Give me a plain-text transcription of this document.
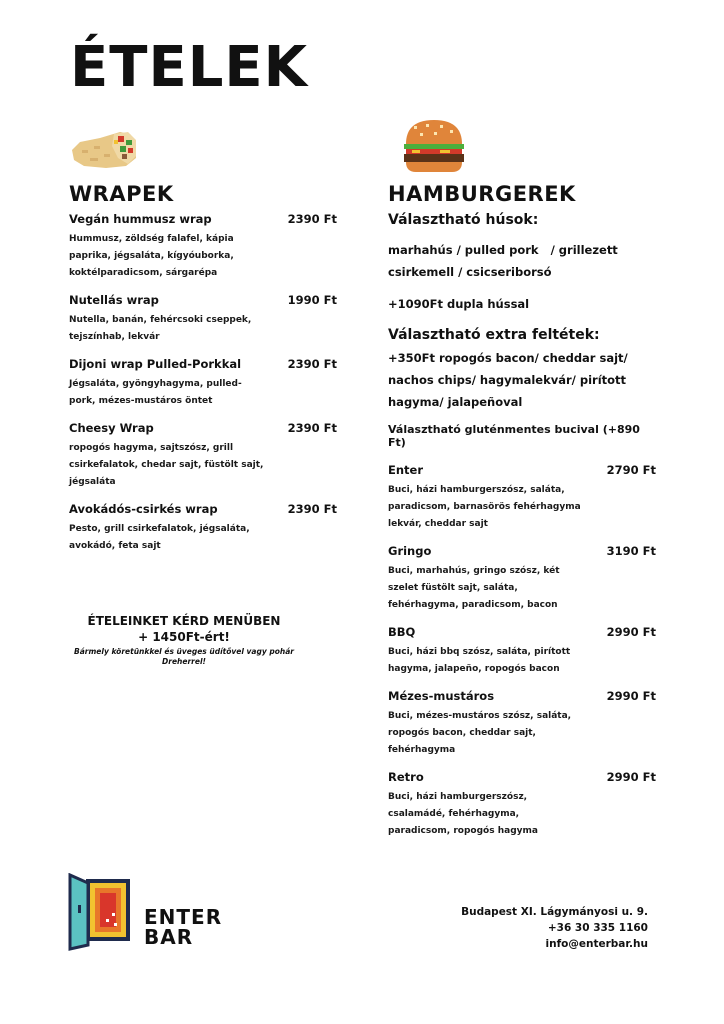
ÉTELEK
WRAPEK	HAMBURGEREK
Vegán hummusz wrap	2390 Ft
Hummusz, zöldség falafel, kápia
paprika, jégsaláta, kígyóuborka,
koktélparadicsom, sárgarépa
Nutellás wrap	1990 Ft
Nutella, banán, fehércsoki cseppek,
tejszínhab, lekvár
Dijoni wrap Pulled-Porkkal	2390 Ft
Jégsaláta, gyöngyhagyma, pulled-
pork, mézes-mustáros öntet
Cheesy Wrap	2390 Ft
ropogós hagyma, sajtszósz, grill
csirkefalatok, chedar sajt, füstölt sajt,
jégsaláta
Avokádós-csirkés wrap	2390 Ft
Pesto, grill csirkefalatok, jégsaláta,
avokádó, feta sajt
ÉTELEINKET KÉRD MENÜBEN
+ 1450Ft-ért!
Bármely köretünkkel és üveges üdítővel vagy pohár
Dreherrel!

Választható húsok:

marhahús / pulled pork   / grillezett
csirkemell / csicseriborsó

+1090Ft dupla hússal

Választható extra feltétek:

+350Ft ropogós bacon/ cheddar sajt/
nachos chips/ hagymalekvár/ pirított
hagyma/ jalapeñoval

Választható gluténmentes bucival (+890 Ft)

Enter	2790 Ft
Buci, házi hamburgerszósz, saláta,
paradicsom, barnasörös fehérhagyma
lekvár, cheddar sajt
Gringo	3190 Ft
Buci, marhahús, gringo szósz, két
szelet füstölt sajt, saláta,
fehérhagyma, paradicsom, bacon
BBQ	2990 Ft
Buci, házi bbq szósz, saláta, pirított
hagyma, jalapeño, ropogós bacon
Mézes-mustáros	2990 Ft
Buci, mézes-mustáros szósz, saláta,
ropogós bacon, cheddar sajt,
fehérhagyma
Retro	2990 Ft
Buci, házi hamburgerszósz,
csalamádé, fehérhagyma,
paradicsom, ropogós hagyma
ENTER
BAR
Budapest XI. Lágymányosi u. 9.
+36 30 335 1160
info@enterbar.hu
